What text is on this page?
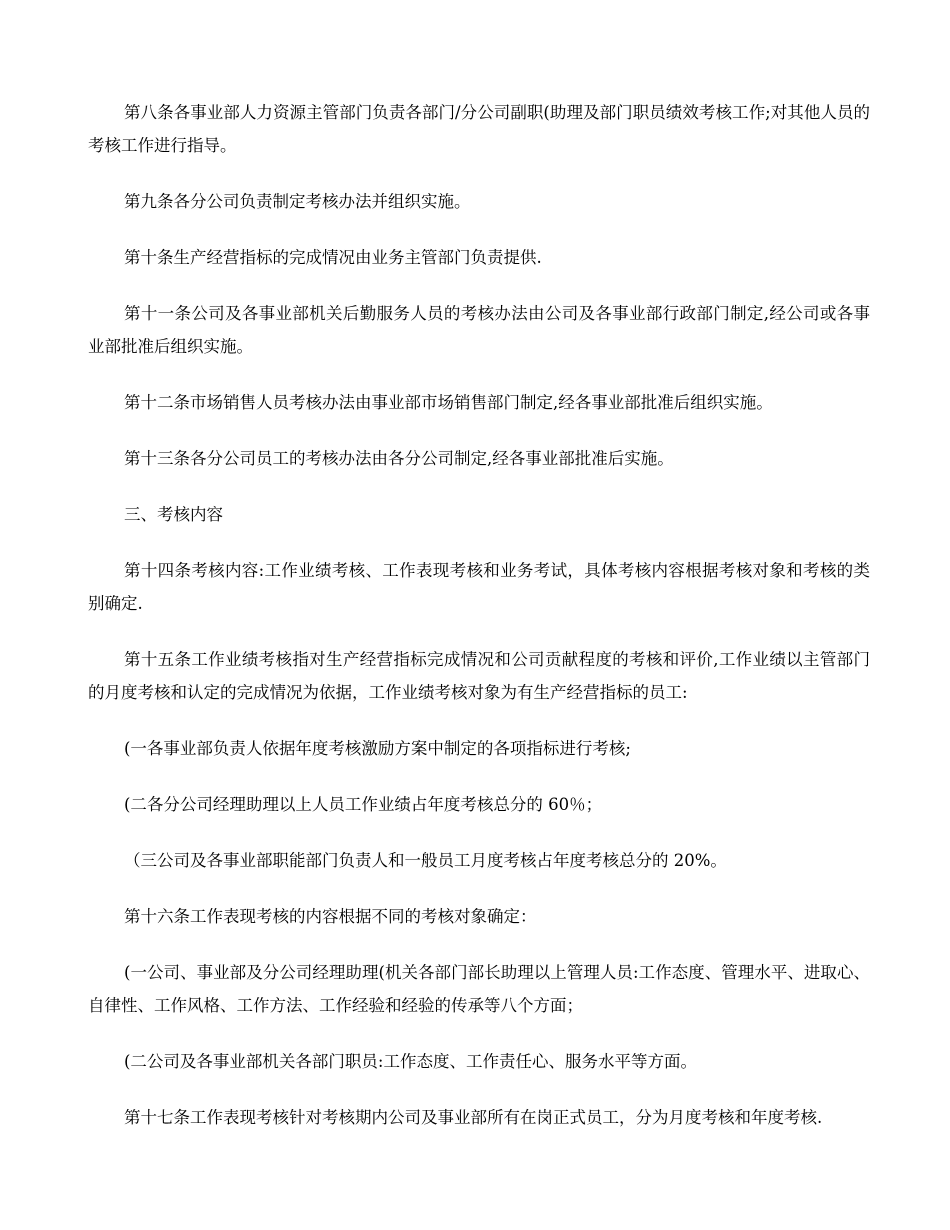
第八条各事业部人力资源主管部门负责各部门/分公司副职(助理及部门职员绩效考核工作;对其他人员的考核工作进行指导。

第九条各分公司负责制定考核办法并组织实施。

第十条生产经营指标的完成情况由业务主管部门负责提供.

第十一条公司及各事业部机关后勤服务人员的考核办法由公司及各事业部行政部门制定,经公司或各事业部批准后组织实施。

第十二条市场销售人员考核办法由事业部市场销售部门制定,经各事业部批准后组织实施。

第十三条各分公司员工的考核办法由各分公司制定,经各事业部批准后实施。

三、考核内容

第十四条考核内容:工作业绩考核、工作表现考核和业务考试，具体考核内容根据考核对象和考核的类别确定.

第十五条工作业绩考核指对生产经营指标完成情况和公司贡献程度的考核和评价,工作业绩以主管部门的月度考核和认定的完成情况为依据，工作业绩考核对象为有生产经营指标的员工:

(一各事业部负责人依据年度考核激励方案中制定的各项指标进行考核;

(二各分公司经理助理以上人员工作业绩占年度考核总分的 60％；

（三公司及各事业部职能部门负责人和一般员工月度考核占年度考核总分的 20%。

第十六条工作表现考核的内容根据不同的考核对象确定：

(一公司、事业部及分公司经理助理(机关各部门部长助理以上管理人员:工作态度、管理水平、进取心、自律性、工作风格、工作方法、工作经验和经验的传承等八个方面；

(二公司及各事业部机关各部门职员:工作态度、工作责任心、服务水平等方面。

第十七条工作表现考核针对考核期内公司及事业部所有在岗正式员工，分为月度考核和年度考核.
